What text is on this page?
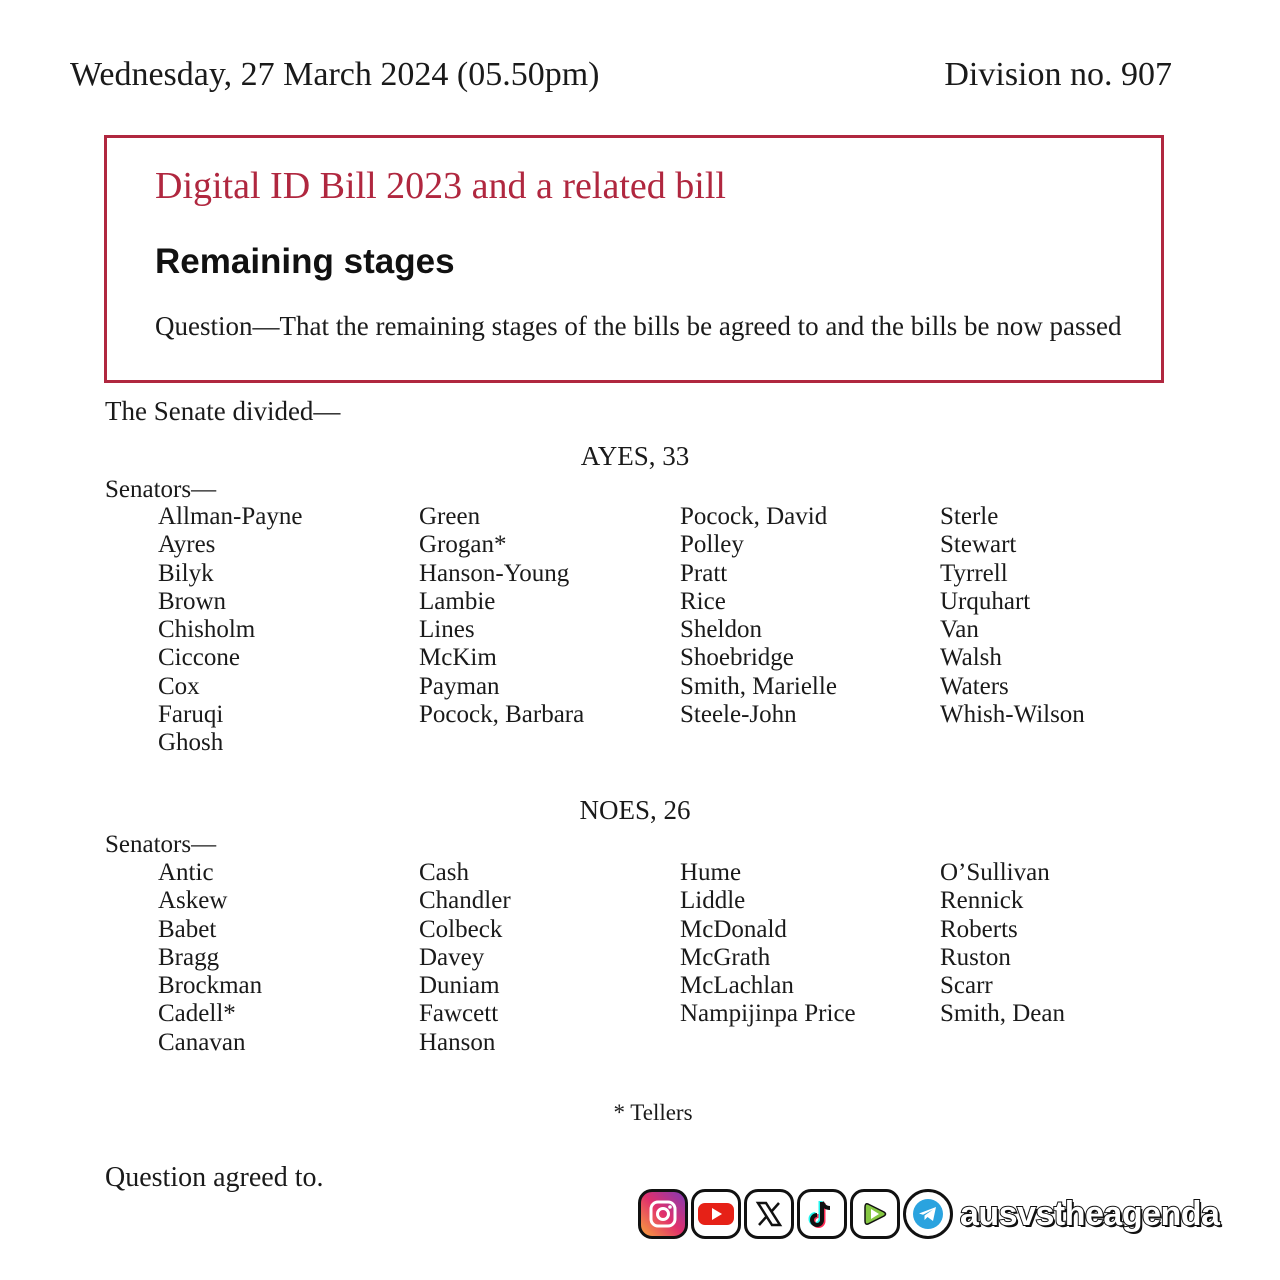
Wednesday, 27 March 2024 (05.50pm)	Division no. 907
Digital ID Bill 2023 and a related bill
Remaining stages
Question—That the remaining stages of the bills be agreed to and the bills be now passed
The Senate divided—
AYES, 33
Senators—
Allman-Payne
Ayres
Bilyk
Brown
Chisholm
Ciccone
Cox
Faruqi
Ghosh
Green
Grogan*
Hanson-Young
Lambie
Lines
McKim
Payman
Pocock, Barbara
Pocock, David
Polley
Pratt
Rice
Sheldon
Shoebridge
Smith, Marielle
Steele-John
Sterle
Stewart
Tyrrell
Urquhart
Van
Walsh
Waters
Whish-Wilson
NOES, 26
Senators—
Antic
Askew
Babet
Bragg
Brockman
Cadell*
Canavan
Cash
Chandler
Colbeck
Davey
Duniam
Fawcett
Hanson
Hume
Liddle
McDonald
McGrath
McLachlan
Nampijinpa Price
O’Sullivan
Rennick
Roberts
Ruston
Scarr
Smith, Dean
* Tellers
Question agreed to.
ausvstheagenda
